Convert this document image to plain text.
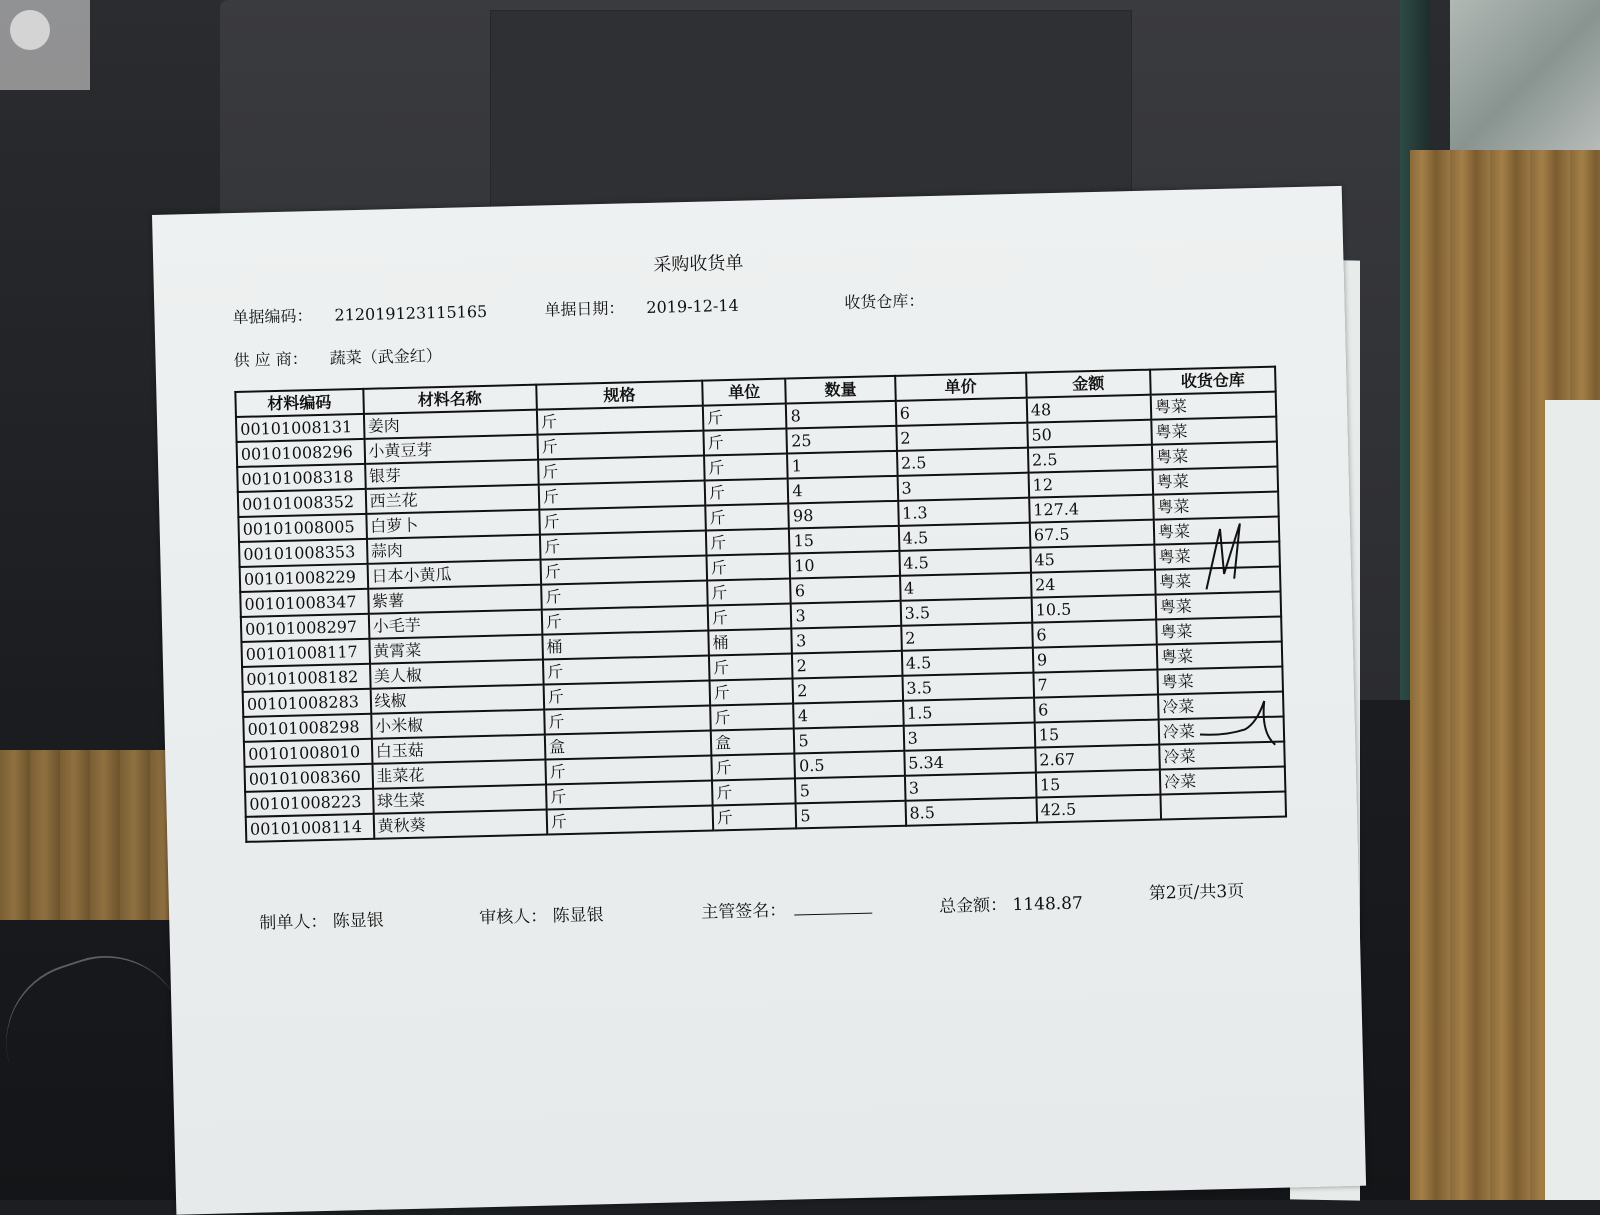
采购收货单
单据编码： 212019123115165	单据日期： 2019-12-14	收货仓库：
供 应 商： 蔬菜（武金红）
材料编码	材料名称	规格	单位	数量	单价	金额	收货仓库
00101008131	姜肉	斤	斤	8	6	48	粤菜
00101008296	小黄豆芽	斤	斤	25	2	50	粤菜
00101008318	银芽	斤	斤	1	2.5	2.5	粤菜
00101008352	西兰花	斤	斤	4	3	12	粤菜
00101008005	白萝卜	斤	斤	98	1.3	127.4	粤菜
00101008353	蒜肉	斤	斤	15	4.5	67.5	粤菜
00101008229	日本小黄瓜	斤	斤	10	4.5	45	粤菜
00101008347	紫薯	斤	斤	6	4	24	粤菜
00101008297	小毛芋	斤	斤	3	3.5	10.5	粤菜
00101008117	黄霄菜	桶	桶	3	2	6	粤菜
00101008182	美人椒	斤	斤	2	4.5	9	粤菜
00101008283	线椒	斤	斤	2	3.5	7	粤菜
00101008298	小米椒	斤	斤	4	1.5	6	冷菜
00101008010	白玉菇	盒	盒	5	3	15	冷菜
00101008360	韭菜花	斤	斤	0.5	5.34	2.67	冷菜
00101008223	球生菜	斤	斤	5	3	15	冷菜
00101008114	黄秋葵	斤	斤	5	8.5	42.5	
制单人： 陈显银	审核人： 陈显银	主管签名：	总金额： 1148.87
第2页/共3页
